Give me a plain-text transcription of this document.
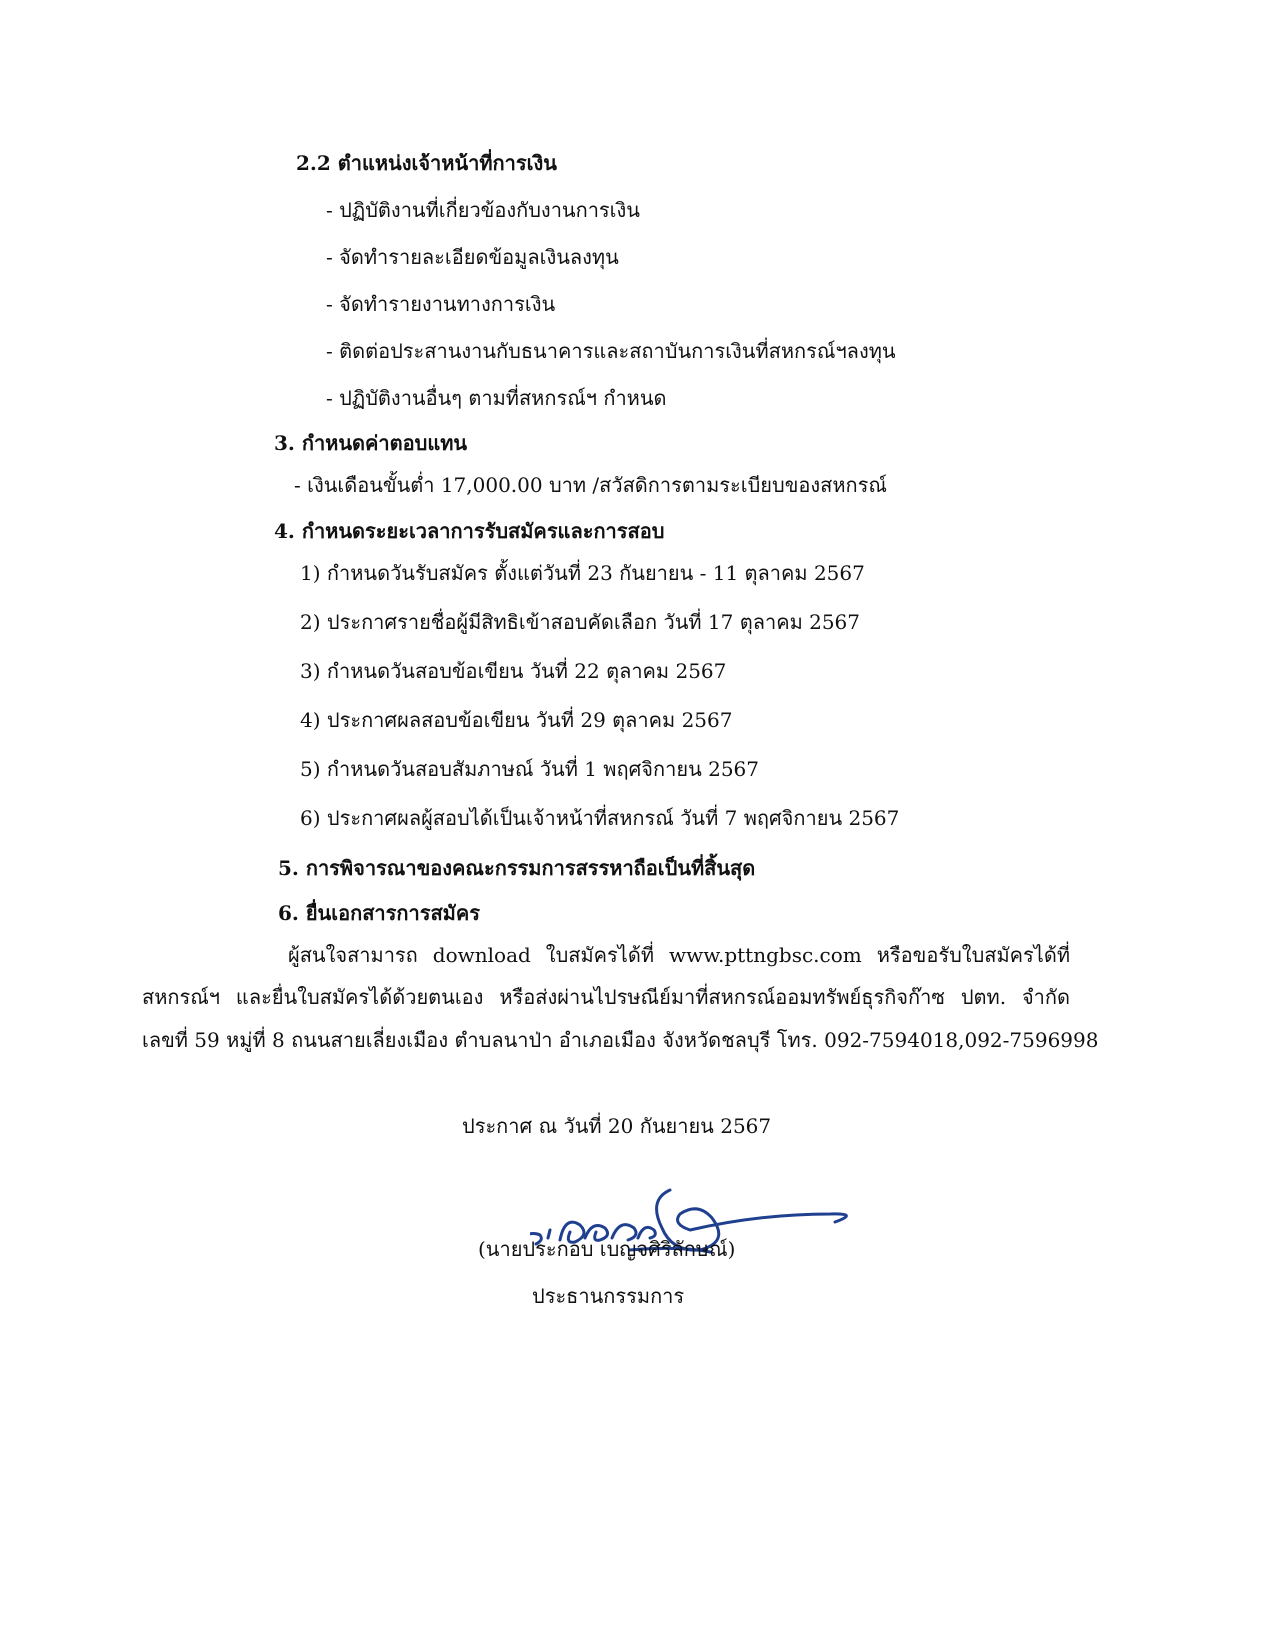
2.2 ตำแหน่งเจ้าหน้าที่การเงิน
- ปฏิบัติงานที่เกี่ยวข้องกับงานการเงิน
- จัดทำรายละเอียดข้อมูลเงินลงทุน
- จัดทำรายงานทางการเงิน
- ติดต่อประสานงานกับธนาคารและสถาบันการเงินที่สหกรณ์ฯลงทุน
- ปฏิบัติงานอื่นๆ ตามที่สหกรณ์ฯ กำหนด
3. กำหนดค่าตอบแทน
- เงินเดือนขั้นต่ำ 17,000.00 บาท /สวัสดิการตามระเบียบของสหกรณ์
4. กำหนดระยะเวลาการรับสมัครและการสอบ
1) กำหนดวันรับสมัคร ตั้งแต่วันที่ 23 กันยายน - 11 ตุลาคม 2567
2) ประกาศรายชื่อผู้มีสิทธิเข้าสอบคัดเลือก วันที่ 17 ตุลาคม 2567
3) กำหนดวันสอบข้อเขียน วันที่ 22 ตุลาคม 2567
4) ประกาศผลสอบข้อเขียน วันที่ 29 ตุลาคม 2567
5) กำหนดวันสอบสัมภาษณ์ วันที่ 1 พฤศจิกายน 2567
6) ประกาศผลผู้สอบได้เป็นเจ้าหน้าที่สหกรณ์ วันที่ 7 พฤศจิกายน 2567
5. การพิจารณาของคณะกรรมการสรรหาถือเป็นที่สิ้นสุด
6. ยื่นเอกสารการสมัคร
ผู้สนใจสามารถ download ใบสมัครได้ที่ www.pttngbsc.com หรือขอรับใบสมัครได้ที่
สหกรณ์ฯ และยื่นใบสมัครได้ด้วยตนเอง หรือส่งผ่านไปรษณีย์มาที่สหกรณ์ออมทรัพย์ธุรกิจก๊าซ ปตท. จำกัด
เลขที่ 59 หมู่ที่ 8 ถนนสายเลี่ยงเมือง ตำบลนาป่า อำเภอเมือง จังหวัดชลบุรี โทร. 092-7594018,092-7596998
ประกาศ ณ วันที่ 20 กันยายน 2567
(นายประกอบ เบญจศิริลักษณ์)
ประธานกรรมการ
